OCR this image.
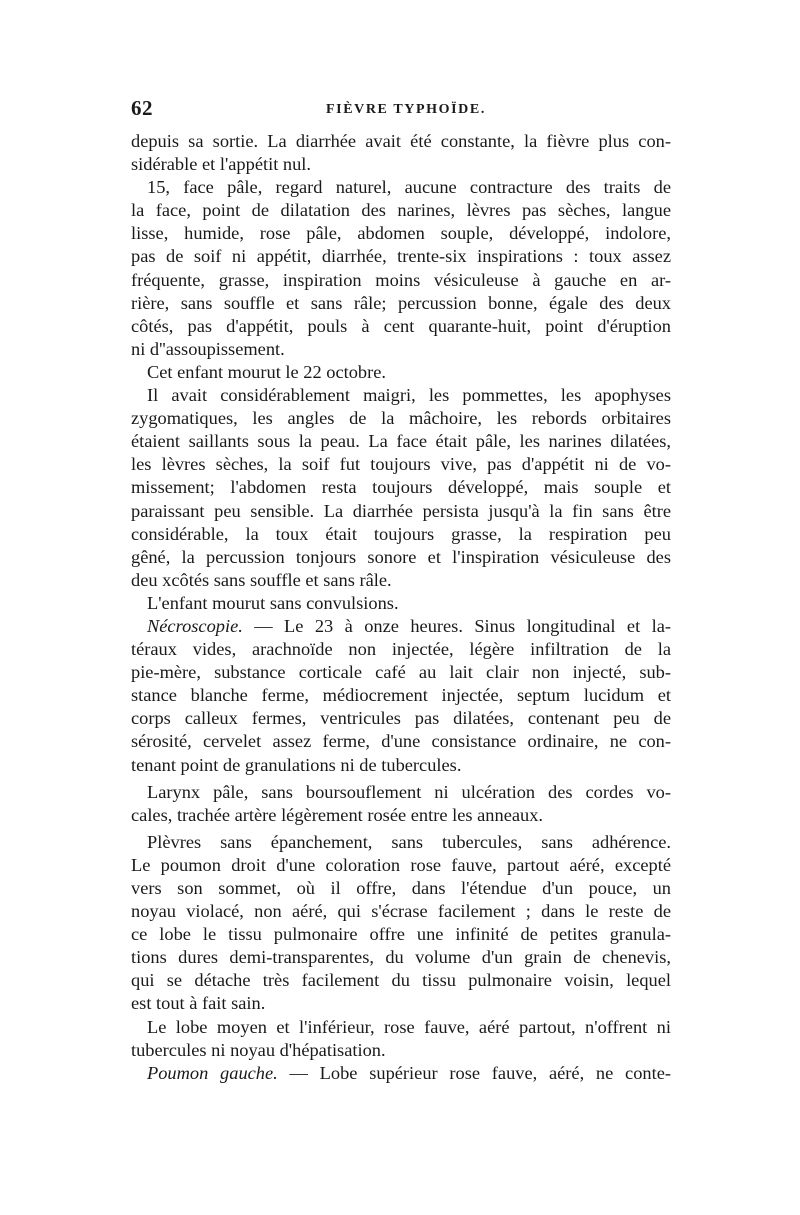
62	FIÈVRE TYPHOÏDE.
depuis sa sortie. La diarrhée avait été constante, la fièvre plus con-
sidérable et l'appétit nul.
15, face pâle, regard naturel, aucune contracture des traits de
la face, point de dilatation des narines, lèvres pas sèches, langue
lisse, humide, rose pâle, abdomen souple, développé, indolore,
pas de soif ni appétit, diarrhée, trente-six inspirations : toux assez
fréquente, grasse, inspiration moins vésiculeuse à gauche en ar-
rière, sans souffle et sans râle; percussion bonne, égale des deux
côtés, pas d'appétit, pouls à cent quarante-huit, point d'éruption
ni d''assoupissement.
Cet enfant mourut le 22 octobre.
Il avait considérablement maigri, les pommettes, les apophyses
zygomatiques, les angles de la mâchoire, les rebords orbitaires
étaient saillants sous la peau. La face était pâle, les narines dilatées,
les lèvres sèches, la soif fut toujours vive, pas d'appétit ni de vo-
missement; l'abdomen resta toujours développé, mais souple et
paraissant peu sensible. La diarrhée persista jusqu'à la fin sans être
considérable, la toux était toujours grasse, la respiration peu
gêné, la percussion tonjours sonore et l'inspiration vésiculeuse des
deu xcôtés sans souffle et sans râle.
L'enfant mourut sans convulsions.
Nécroscopie. — Le 23 à onze heures. Sinus longitudinal et la-
téraux vides, arachnoïde non injectée, légère infiltration de la
pie-mère, substance corticale café au lait clair non injecté, sub-
stance blanche ferme, médiocrement injectée, septum lucidum et
corps calleux fermes, ventricules pas dilatées, contenant peu de
sérosité, cervelet assez ferme, d'une consistance ordinaire, ne con-
tenant point de granulations ni de tubercules.
Larynx pâle, sans boursouflement ni ulcération des cordes vo-
cales, trachée artère légèrement rosée entre les anneaux.
Plèvres sans épanchement, sans tubercules, sans adhérence.
Le poumon droit d'une coloration rose fauve, partout aéré, excepté
vers son sommet, où il offre, dans l'étendue d'un pouce, un
noyau violacé, non aéré, qui s'écrase facilement ; dans le reste de
ce lobe le tissu pulmonaire offre une infinité de petites granula-
tions dures demi-transparentes, du volume d'un grain de chenevis,
qui se détache très facilement du tissu pulmonaire voisin, lequel
est tout à fait sain.
Le lobe moyen et l'inférieur, rose fauve, aéré partout, n'offrent ni
tubercules ni noyau d'hépatisation.
Poumon gauche. — Lobe supérieur rose fauve, aéré, ne conte-
